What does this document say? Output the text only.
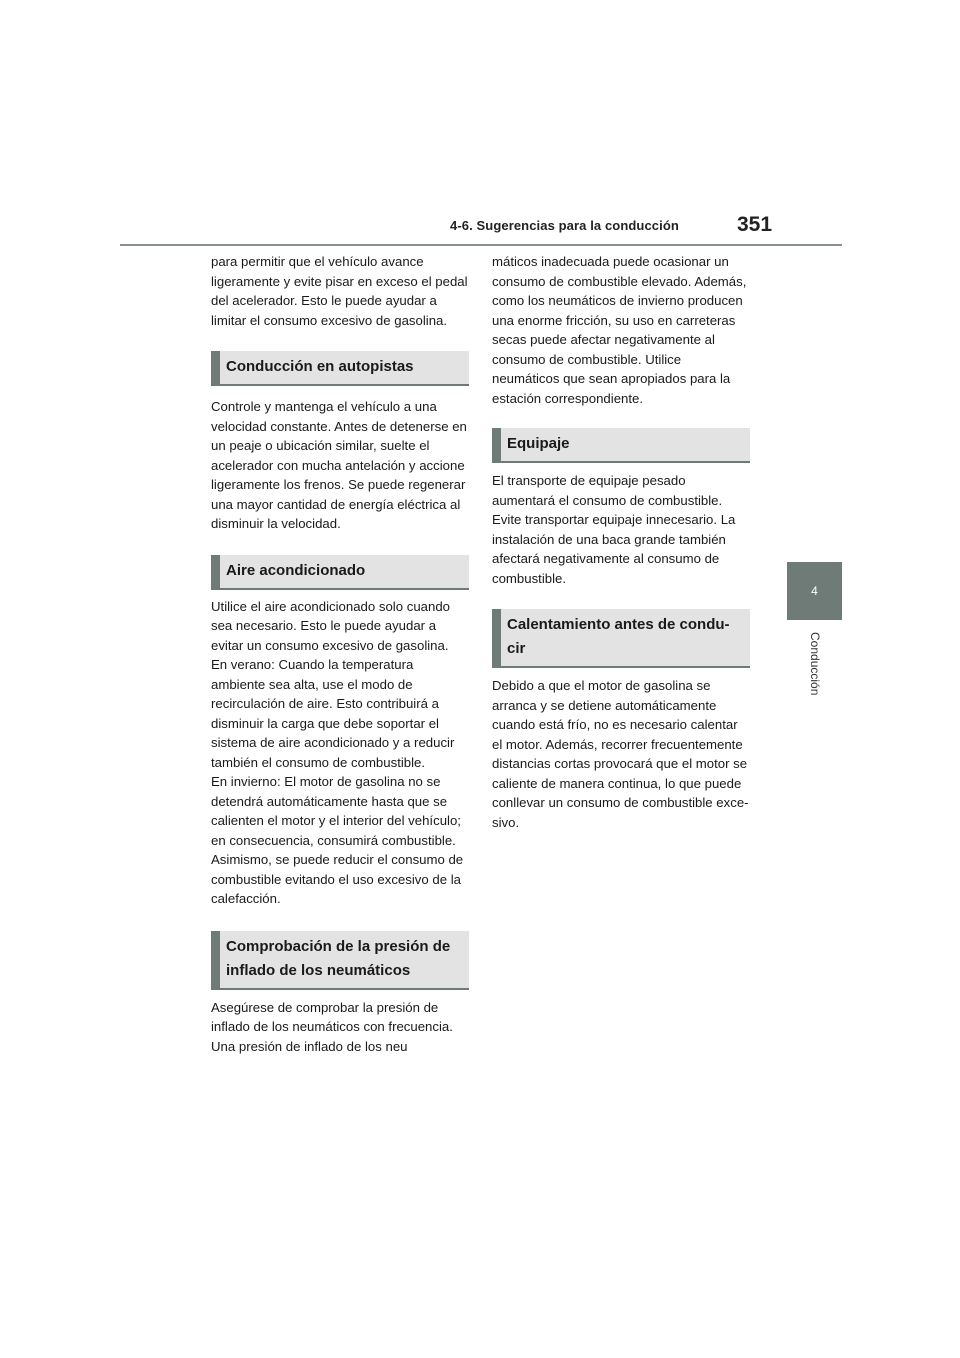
4-6. Sugerencias para la conducción	351
4
Conducción

para permitir que el vehículo avance ligeramente y evite pisar en exceso el pedal del acelerador. Esto le puede ayudar a limitar el consumo excesivo de gasolina.

Conducción en autopistas

Controle y mantenga el vehículo a una velocidad constante. Antes de detenerse en un peaje o ubicación similar, suelte el acelerador con mucha antelación y accione ligeramente los frenos. Se puede regenerar una mayor cantidad de energía eléctrica al disminuir la velocidad.

Aire acondicionado

Utilice el aire acondicionado solo cuando sea necesario. Esto le puede ayudar a evitar un consumo excesivo de gasolina.

En verano: Cuando la temperatura ambiente sea alta, use el modo de recirculación de aire. Esto contribuirá a disminuir la carga que debe soportar el sistema de aire acondicionado y a reducir también el consumo de combustible.

En invierno: El motor de gasolina no se detendrá automáticamente hasta que se calienten el motor y el interior del vehículo; en consecuencia, consumirá combustible. Asimismo, se puede reducir el consumo de combustible evitando el uso excesivo de la calefacción.

Comprobación de la presión de inflado de los neumáticos

Asegúrese de comprobar la presión de inflado de los neumáticos con frecuencia. Una presión de inflado de los neu

máticos inadecuada puede ocasionar un consumo de combustible elevado. Además, como los neumáticos de invierno producen una enorme fricción, su uso en carreteras secas puede afectar negativamente al consumo de combustible. Utilice neumáticos que sean apropiados para la estación correspondiente.

Equipaje

El transporte de equipaje pesado aumentará el consumo de combustible. Evite transportar equipaje innecesario. La instalación de una baca grande también afectará negativamente al consumo de combustible.

Calentamiento antes de conducir

Debido a que el motor de gasolina se arranca y se detiene automáticamente cuando está frío, no es necesario calentar el motor. Además, recorrer frecuentemente distancias cortas provocará que el motor se caliente de manera continua, lo que puede conllevar un consumo de combustible excesivo.
